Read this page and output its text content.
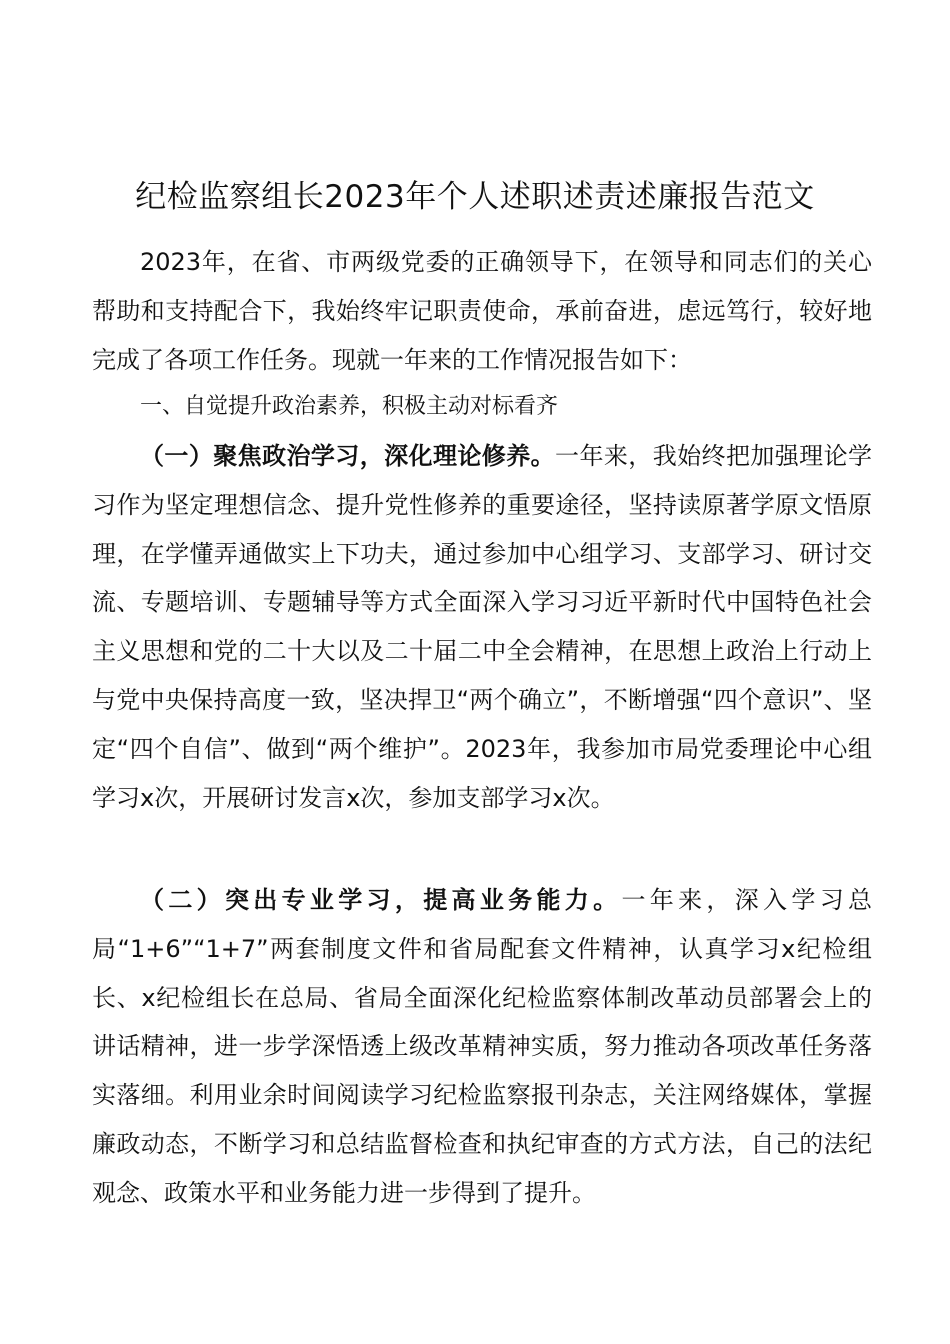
纪检监察组长2023年个人述职述责述廉报告范文
2023年，在省、市两级党委的正确领导下，在领导和同志们的关心帮助和支持配合下，我始终牢记职责使命，承前奋进，虑远笃行，较好地完成了各项工作任务。现就一年来的工作情况报告如下：
一、自觉提升政治素养，积极主动对标看齐
（一）聚焦政治学习，深化理论修养。一年来，我始终把加强理论学习作为坚定理想信念、提升党性修养的重要途径，坚持读原著学原文悟原理，在学懂弄通做实上下功夫，通过参加中心组学习、支部学习、研讨交流、专题培训、专题辅导等方式全面深入学习习近平新时代中国特色社会主义思想和党的二十大以及二十届二中全会精神，在思想上政治上行动上与党中央保持高度一致，坚决捍卫“两个确立”，不断增强“四个意识”、坚定“四个自信”、做到“两个维护”。2023年，我参加市局党委理论中心组学习x次，开展研讨发言x次，参加支部学习x次。
（二）突出专业学习，提高业务能力。一年来，深入学习总局“1+6”“1+7”两套制度文件和省局配套文件精神，认真学习x纪检组长、x纪检组长在总局、省局全面深化纪检监察体制改革动员部署会上的讲话精神，进一步学深悟透上级改革精神实质，努力推动各项改革任务落实落细。利用业余时间阅读学习纪检监察报刊杂志，关注网络媒体，掌握廉政动态，不断学习和总结监督检查和执纪审查的方式方法，自己的法纪观念、政策水平和业务能力进一步得到了提升。
